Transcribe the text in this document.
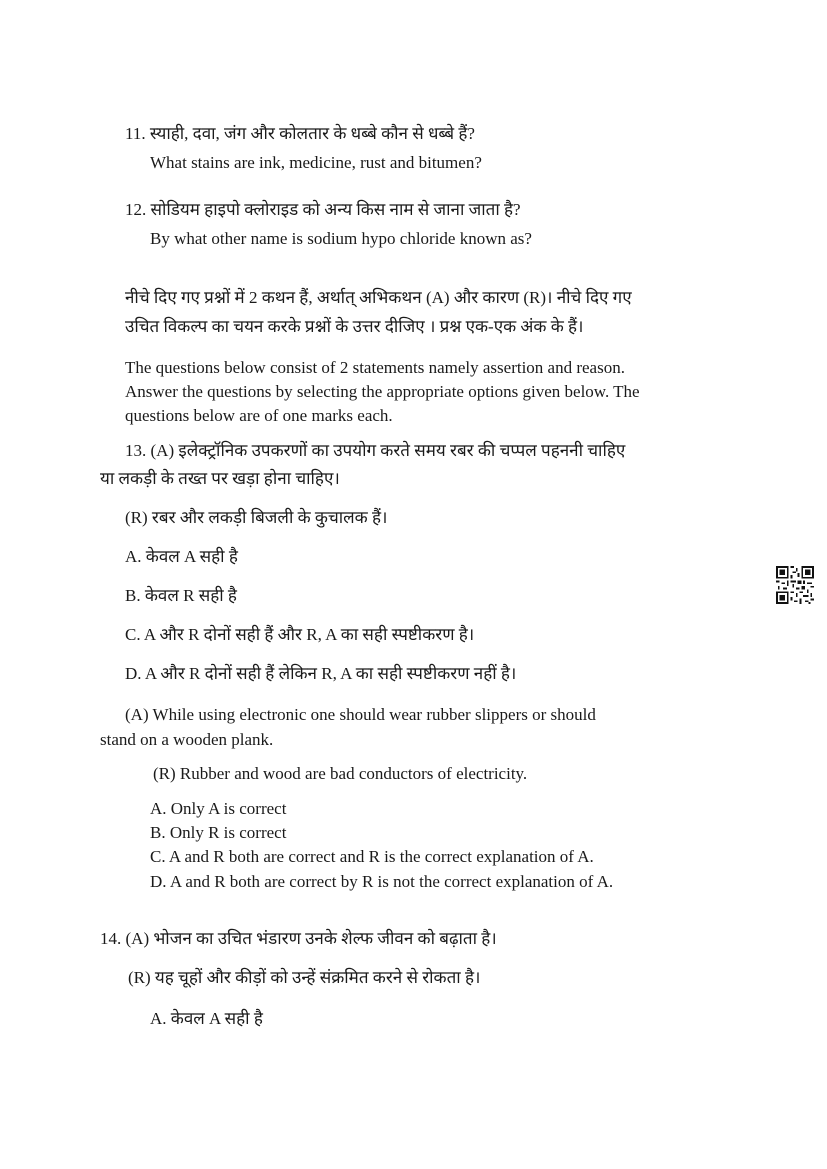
11. स्याही, दवा, जंग और कोलतार के धब्बे कौन से धब्बे हैं?
What stains are ink, medicine, rust and bitumen?
12. सोडियम हाइपो क्लोराइड को अन्य किस नाम से जाना जाता है?
By what other name is sodium hypo chloride known as?
नीचे दिए गए प्रश्नों में 2 कथन हैं, अर्थात् अभिकथन (A) और कारण (R)। नीचे दिए गए
उचित विकल्प का चयन करके प्रश्नों के उत्तर दीजिए । प्रश्न एक-एक अंक के हैं।
The questions below consist of 2 statements namely assertion and reason.
Answer the questions by selecting the appropriate options given below. The
questions below are of one marks each.
13. (A) इलेक्ट्रॉनिक उपकरणों का उपयोग करते समय रबर की चप्पल पहननी चाहिए
या लकड़ी के तख्त पर खड़ा होना चाहिए।
(R) रबर और लकड़ी बिजली के कुचालक हैं।
A. केवल A सही है
B. केवल R सही है
C. A और R दोनों सही हैं और R, A का सही स्पष्टीकरण है।
D. A और R दोनों सही हैं लेकिन R, A का सही स्पष्टीकरण नहीं है।
(A) While using electronic one should wear rubber slippers or should
stand on a wooden plank.
(R) Rubber and wood are bad conductors of electricity.
A. Only A is correct
B. Only R is correct
C. A and R both are correct and R is the correct explanation of A.
D. A and R both are correct by R is not the correct explanation of A.
14. (A) भोजन का उचित भंडारण उनके शेल्फ जीवन को बढ़ाता है।
(R) यह चूहों और कीड़ों को उन्हें संक्रमित करने से रोकता है।
A. केवल A सही है
